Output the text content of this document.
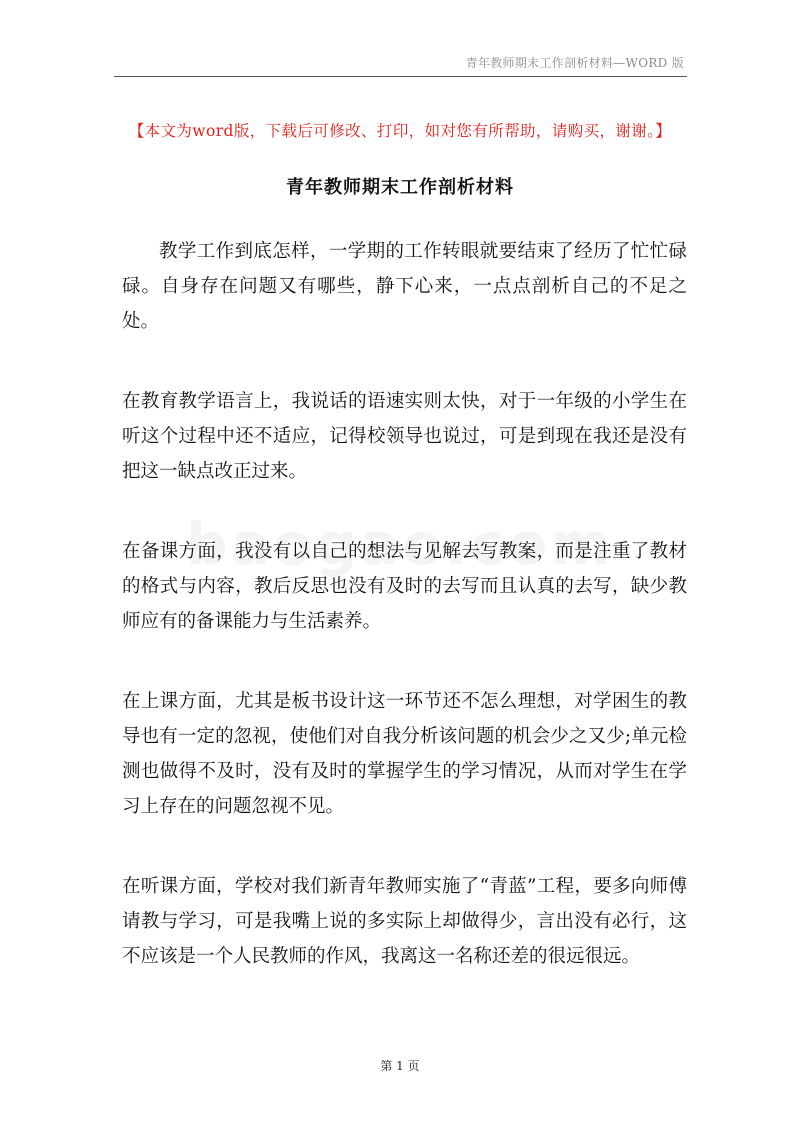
青年教师期末工作剖析材料—WORD 版
【本文为word版，下载后可修改、打印，如对您有所帮助，请购买，谢谢。】
青年教师期末工作剖析材料

教学工作到底怎样，一学期的工作转眼就要结束了经历了忙忙碌碌。自身存在问题又有哪些，静下心来，一点点剖析自己的不足之处。

在教育教学语言上，我说话的语速实则太快，对于一年级的小学生在听这个过程中还不适应，记得校领导也说过，可是到现在我还是没有把这一缺点改正过来。

在备课方面，我没有以自己的想法与见解去写教案，而是注重了教材的格式与内容，教后反思也没有及时的去写而且认真的去写，缺少教师应有的备课能力与生活素养。

在上课方面，尤其是板书设计这一环节还不怎么理想，对学困生的教导也有一定的忽视，使他们对自我分析该问题的机会少之又少;单元检测也做得不及时，没有及时的掌握学生的学习情况，从而对学生在学习上存在的问题忽视不见。

在听课方面，学校对我们新青年教师实施了“青蓝”工程，要多向师傅请教与学习，可是我嘴上说的多实际上却做得少，言出没有必行，这不应该是一个人民教师的作风，我离这一名称还差的很远很远。

第 1 页
